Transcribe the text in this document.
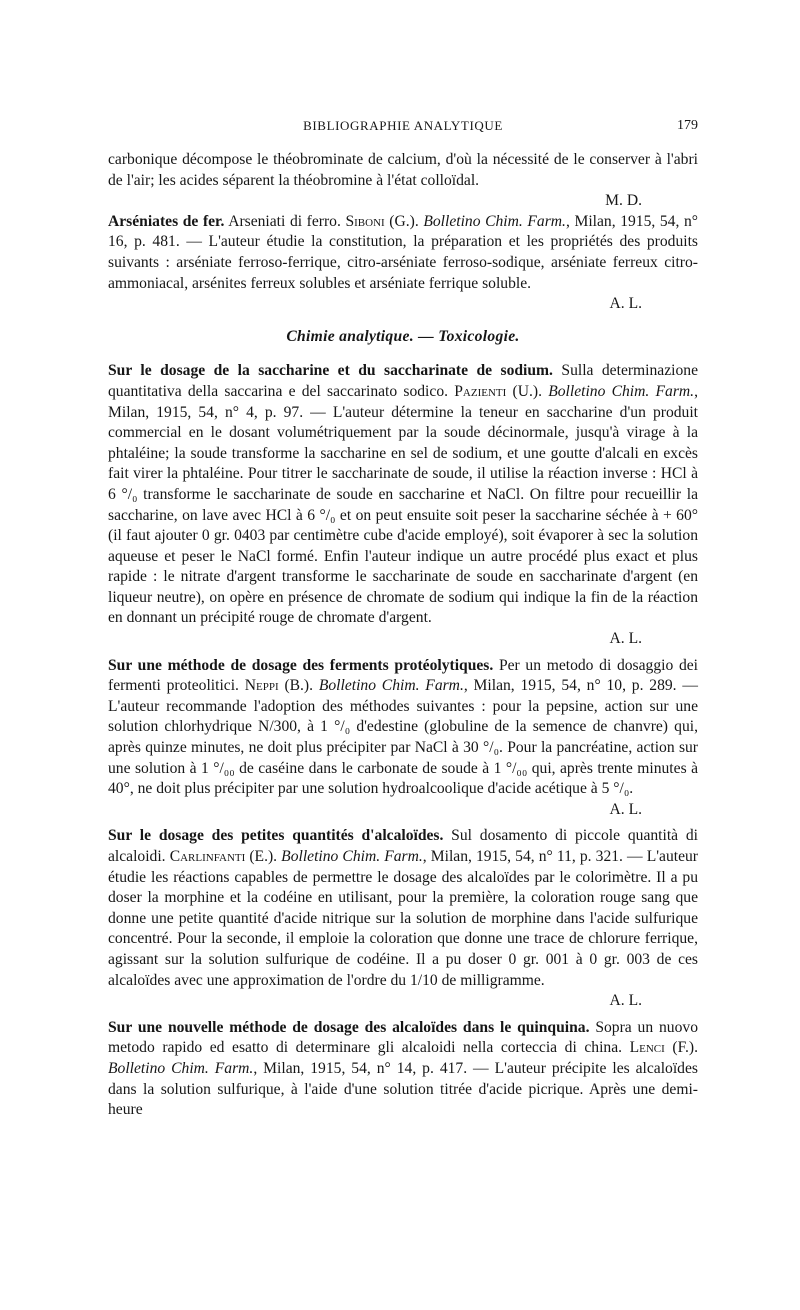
BIBLIOGRAPHIE ANALYTIQUE	179

carbonique décompose le théobrominate de calcium, d'où la nécessité de le conserver à l'abri de l'air; les acides séparent la théobromine à l'état colloïdal.

M. D.

Arséniates de fer. Arseniati di ferro. Siboni (G.). Bolletino Chim. Farm., Milan, 1915, 54, n° 16, p. 481. — L'auteur étudie la constitution, la préparation et les propriétés des produits suivants : arséniate ferroso-ferrique, citro-arséniate ferroso-sodique, arséniate ferreux citro-ammoniacal, arsénites ferreux solubles et arséniate ferrique soluble.

A. L.

Chimie analytique. — Toxicologie.

Sur le dosage de la saccharine et du saccharinate de sodium. Sulla determinazione quantitativa della saccarina e del saccarinato sodico. Pazienti (U.). Bolletino Chim. Farm., Milan, 1915, 54, n° 4, p. 97. — L'auteur détermine la teneur en saccharine d'un produit commercial en le dosant volumétriquement par la soude décinormale, jusqu'à virage à la phtaléine; la soude transforme la saccharine en sel de sodium, et une goutte d'alcali en excès fait virer la phtaléine. Pour titrer le saccharinate de soude, il utilise la réaction inverse : HCl à 6 °/₀ transforme le saccharinate de soude en saccharine et NaCl. On filtre pour recueillir la saccharine, on lave avec HCl à 6 °/₀ et on peut ensuite soit peser la saccharine séchée à + 60° (il faut ajouter 0 gr. 0403 par centimètre cube d'acide employé), soit évaporer à sec la solution aqueuse et peser le NaCl formé. Enfin l'auteur indique un autre procédé plus exact et plus rapide : le nitrate d'argent transforme le saccharinate de soude en saccharinate d'argent (en liqueur neutre), on opère en présence de chromate de sodium qui indique la fin de la réaction en donnant un précipité rouge de chromate d'argent.

A. L.

Sur une méthode de dosage des ferments protéolytiques. Per un metodo di dosaggio dei fermenti proteolitici. Neppi (B.). Bolletino Chim. Farm., Milan, 1915, 54, n° 10, p. 289. — L'auteur recommande l'adoption des méthodes suivantes : pour la pepsine, action sur une solution chlorhydrique N/300, à 1 °/₀ d'edestine (globuline de la semence de chanvre) qui, après quinze minutes, ne doit plus précipiter par NaCl à 30 °/₀. Pour la pancréatine, action sur une solution à 1 °/₀₀ de caséine dans le carbonate de soude à 1 °/₀₀ qui, après trente minutes à 40°, ne doit plus précipiter par une solution hydroalcoolique d'acide acétique à 5 °/₀.

A. L.

Sur le dosage des petites quantités d'alcaloïdes. Sul dosamento di piccole quantità di alcaloidi. Carlinfanti (E.). Bolletino Chim. Farm., Milan, 1915, 54, n° 11, p. 321. — L'auteur étudie les réactions capables de permettre le dosage des alcaloïdes par le colorimètre. Il a pu doser la morphine et la codéine en utilisant, pour la première, la coloration rouge sang que donne une petite quantité d'acide nitrique sur la solution de morphine dans l'acide sulfurique concentré. Pour la seconde, il emploie la coloration que donne une trace de chlorure ferrique, agissant sur la solution sulfurique de codéine. Il a pu doser 0 gr. 001 à 0 gr. 003 de ces alcaloïdes avec une approximation de l'ordre du 1/10 de milligramme.

A. L.

Sur une nouvelle méthode de dosage des alcaloïdes dans le quinquina. Sopra un nuovo metodo rapido ed esatto di determinare gli alcaloidi nella corteccia di china. Lenci (F.). Bolletino Chim. Farm., Milan, 1915, 54, n° 14, p. 417. — L'auteur précipite les alcaloïdes dans la solution sulfurique, à l'aide d'une solution titrée d'acide picrique. Après une demi-heure
